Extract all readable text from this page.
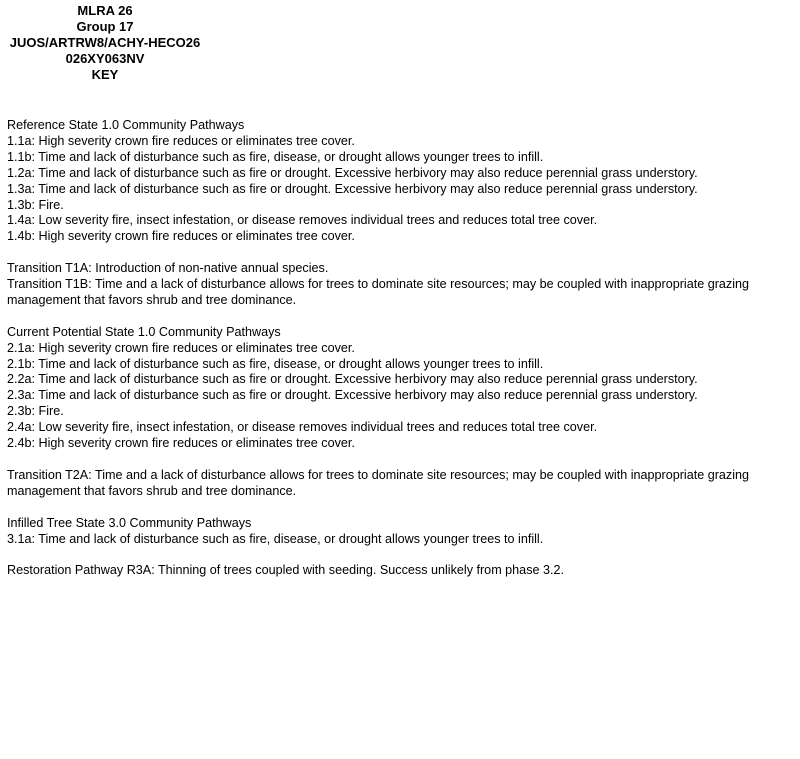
MLRA 26
Group 17
JUOS/ARTRW8/ACHY-HECO26
026XY063NV
KEY
Reference State 1.0 Community Pathways
1.1a: High severity crown fire reduces or eliminates tree cover.
1.1b: Time and lack of disturbance such as fire, disease, or drought allows younger trees to infill.
1.2a: Time and lack of disturbance such as fire or drought. Excessive herbivory may also reduce perennial grass understory.
1.3a: Time and lack of disturbance such as fire or drought. Excessive herbivory may also reduce perennial grass understory.
1.3b: Fire.
1.4a: Low severity fire, insect infestation, or disease removes individual trees and reduces total tree cover.
1.4b: High severity crown fire reduces or eliminates tree cover.
Transition T1A: Introduction of non-native annual species.
Transition T1B: Time and a lack of disturbance allows for trees to dominate site resources; may be coupled with inappropriate grazing management that favors shrub and tree dominance.
Current Potential State 1.0 Community Pathways
2.1a: High severity crown fire reduces or eliminates tree cover.
2.1b: Time and lack of disturbance such as fire, disease, or drought allows younger trees to infill.
2.2a: Time and lack of disturbance such as fire or drought. Excessive herbivory may also reduce perennial grass understory.
2.3a: Time and lack of disturbance such as fire or drought. Excessive herbivory may also reduce perennial grass understory.
2.3b: Fire.
2.4a: Low severity fire, insect infestation, or disease removes individual trees and reduces total tree cover.
2.4b: High severity crown fire reduces or eliminates tree cover.
Transition T2A: Time and a lack of disturbance allows for trees to dominate site resources; may be coupled with inappropriate grazing management that favors shrub and tree dominance.
Infilled Tree State 3.0 Community Pathways
3.1a: Time and lack of disturbance such as fire, disease, or drought allows younger trees to infill.
Restoration Pathway R3A: Thinning of trees coupled with seeding. Success unlikely from phase 3.2.
